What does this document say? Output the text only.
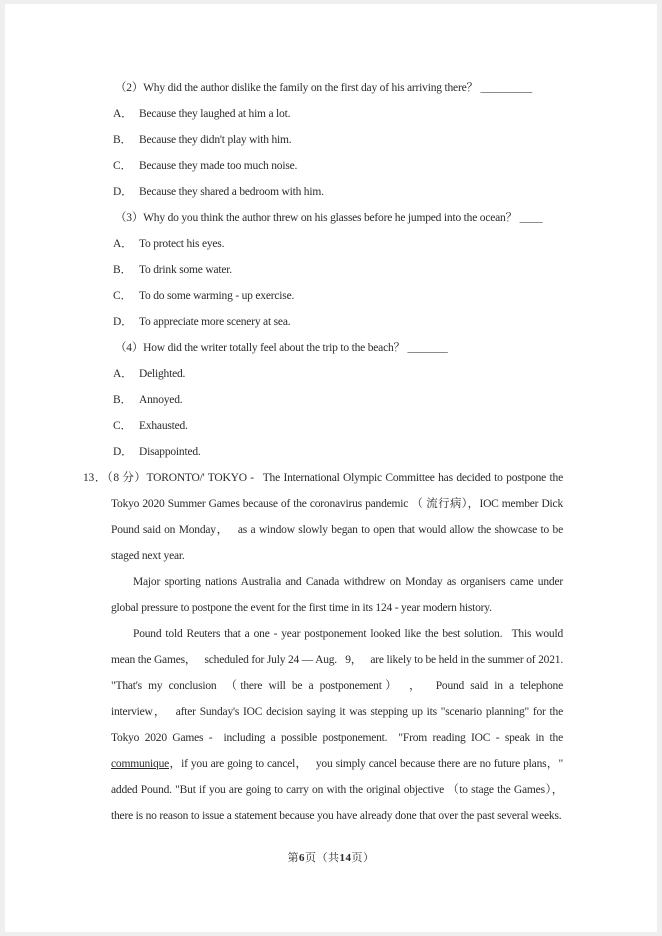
（2）Why did the author dislike the family on the first day of his arriving there？ _________
A． Because they laughed at him a lot.
B． Because they didn't play with him.
C． Because they made too much noise.
D． Because they shared a bedroom with him.
（3）Why do you think the author threw on his glasses before he jumped into the ocean？ ____
A． To protect his eyes.
B． To drink some water.
C． To do some warming - up exercise.
D． To appreciate more scenery at sea.
（4）How did the writer totally feel about the trip to the beach？ _______
A． Delighted.
B． Annoyed.
C． Exhausted.
D． Disappointed.

13．（8 分）TORONTO/' TOKYO -  The International Olympic Committee has decided to postpone the Tokyo 2020 Summer Games because of the coronavirus pandemic （ 流行病），IOC member Dick Pound said on Monday，  as a window slowly began to open that would allow the showcase to be staged next year.

Major sporting nations Australia and Canada withdrew on Monday as organisers came under global pressure to postpone the event for the first time in its 124 - year modern history.

Pound told Reuters that a one - year postponement looked like the best solution.  This would mean the Games，  scheduled for July 24 — Aug.  9，  are likely to be held in the summer of 2021. "That's my conclusion （there will be a postponement） ，  Pound said in a telephone interview，  after Sunday's IOC decision saying it was stepping up its "scenario planning" for the Tokyo 2020 Games -  including a possible postponement.  "From reading IOC - speak in the communique，if you are going to cancel，  you simply cancel because there are no future plans，" added Pound. "But if you are going to carry on with the original objective （to stage the Games），there is no reason to issue a statement because you have already done that over the past several weeks.

第6页（共14页）
